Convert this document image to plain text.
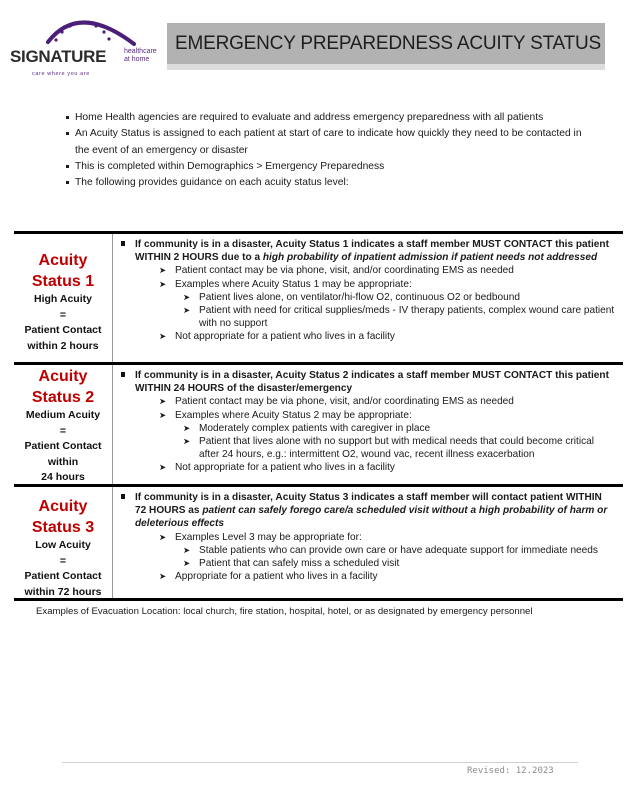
SIGNATURE	healthcare
at home
care where you are
EMERGENCY PREPAREDNESS ACUITY STATUS
Home Health agencies are required to evaluate and address emergency preparedness with all patients
An Acuity Status is assigned to each patient at start of care to indicate how quickly they need to be contacted in the event of an emergency or disaster
This is completed within Demographics > Emergency Preparedness
The following provides guidance on each acuity status level:
Acuity
Status 1
High Acuity
=
Patient Contact
within 2 hours
If community is in a disaster, Acuity Status 1 indicates a staff member MUST CONTACT this patient WITHIN 2 HOURS due to a high probability of inpatient admission if patient needs not addressed
➤ Patient contact may be via phone, visit, and/or coordinating EMS as needed
➤ Examples where Acuity Status 1 may be appropriate:
➤ Patient lives alone, on ventilator/hi-flow O2, continuous O2 or bedbound
➤ Patient with need for critical supplies/meds - IV therapy patients, complex wound care patient with no support
➤ Not appropriate for a patient who lives in a facility
Acuity
Status 2
Medium Acuity
=
Patient Contact
within
24 hours
If community is in a disaster, Acuity Status 2 indicates a staff member MUST CONTACT this patient WITHIN 24 HOURS of the disaster/emergency
➤ Patient contact may be via phone, visit, and/or coordinating EMS as needed
➤ Examples where Acuity Status 2 may be appropriate:
➤ Moderately complex patients with caregiver in place
➤ Patient that lives alone with no support but with medical needs that could become critical after 24 hours, e.g.: intermittent O2, wound vac, recent illness exacerbation
➤ Not appropriate for a patient who lives in a facility
Acuity
Status 3
Low Acuity
=
Patient Contact
within 72 hours
If community is in a disaster, Acuity Status 3 indicates a staff member will contact patient WITHIN 72 HOURS as patient can safely forego care/a scheduled visit without a high probability of harm or deleterious effects
➤ Examples Level 3 may be appropriate for:
➤ Stable patients who can provide own care or have adequate support for immediate needs
➤ Patient that can safely miss a scheduled visit
➤ Appropriate for a patient who lives in a facility
Examples of Evacuation Location: local church, fire station, hospital, hotel, or as designated by emergency personnel
Revised: 12.2023
